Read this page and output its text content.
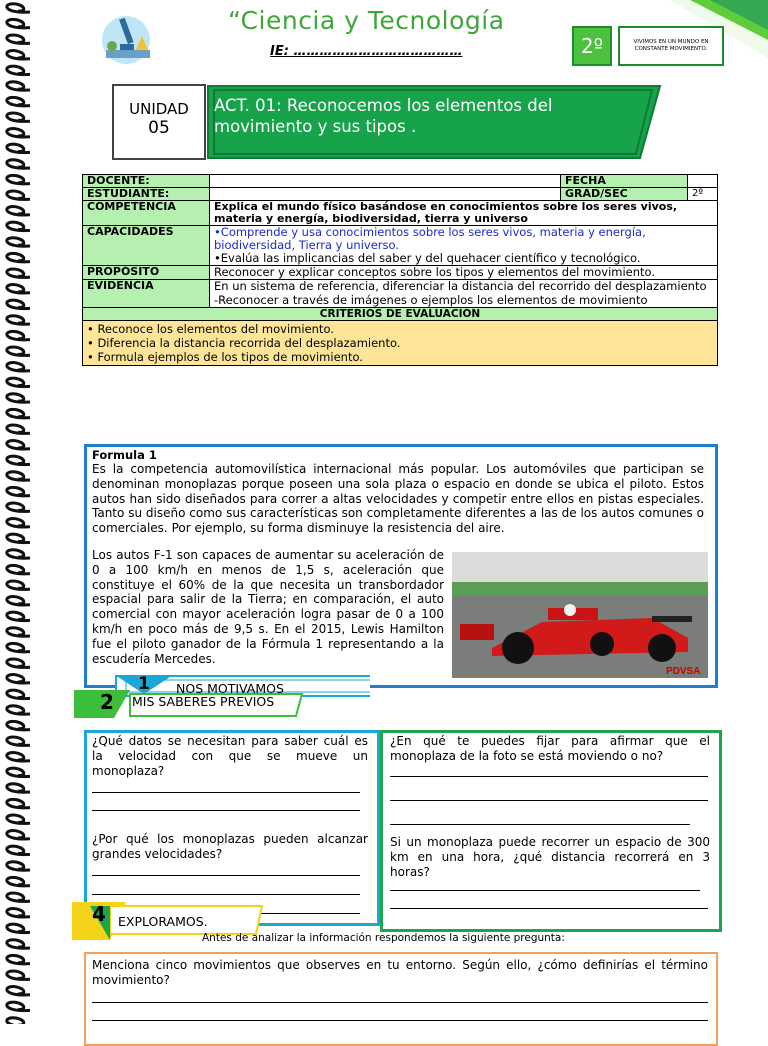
“Ciencia y Tecnología
IE: …………………………………	2º	VIVIMOS EN UN MUNDO EN CONSTANTE MOVIMIENTO.
UNIDAD
05
ACT. 01: Reconocemos los elementos del movimiento y sus tipos .
DOCENTE:		FECHA	
ESTUDIANTE:		GRAD/SEC	2º
COMPETENCIA	Explica el mundo físico basándose en conocimientos sobre los seres vivos, materia y energía, biodiversidad, tierra y universo		
CAPACIDADES	•Comprende y usa conocimientos sobre los seres vivos, materia y energía, biodiversidad, Tierra y universo.
•Evalúa las implicancias del saber y del quehacer científico y tecnológico.		

PROPÓSITO	Reconocer y explicar conceptos sobre los tipos y elementos del movimiento.		
EVIDENCIA	En un sistema de referencia, diferenciar la distancia del recorrido del desplazamiento
-Reconocer a través de imágenes o ejemplos los elementos de movimiento		

CRITERIOS DE EVALUACIÓN			

• Reconoce los elementos del movimiento.
• Diferencia la distancia recorrida del desplazamiento.
• Formula ejemplos de los tipos de movimiento.			
Formula 1
Es la competencia automovilística internacional más popular. Los automóviles que participan se denominan monoplazas porque poseen una sola plaza o espacio en donde se ubica el piloto. Estos autos han sido diseñados para correr a altas velocidades y competir entre ellos en pistas especiales. Tanto su diseño como sus características son completamente diferentes a las de los autos comunes o comerciales. Por ejemplo, su forma disminuye la resistencia del aire.
Los autos F-1 son capaces de aumentar su aceleración de 0 a 100 km/h en menos de 1,5 s, aceleración que constituye el 60% de la que necesita un transbordador espacial para salir de la Tierra; en comparación, el auto comercial con mayor aceleración logra pasar de 0 a 100 km/h en poco más de 9,5 s. En el 2015, Lewis Hamilton fue el piloto ganador de la Fórmula 1 representando a la escudería Mercedes.
PDVSA
1 NOS MOTIVAMOS
2 MIS SABERES PREVIOS
¿Qué datos se necesitan para saber cuál es la velocidad con que se mueve un monoplaza?
¿Por qué los monoplazas pueden alcanzar grandes velocidades?
¿En qué te puedes fijar para afirmar que el monoplaza de la foto se está moviendo o no?
Si un monoplaza puede recorrer un espacio de 300 km en una hora, ¿qué distancia recorrerá en 3 horas?
4 EXPLORAMOS.
Antes de analizar la información respondemos la siguiente pregunta:
Menciona cinco movimientos que observes en tu entorno. Según ello, ¿cómo definirías el término movimiento?
